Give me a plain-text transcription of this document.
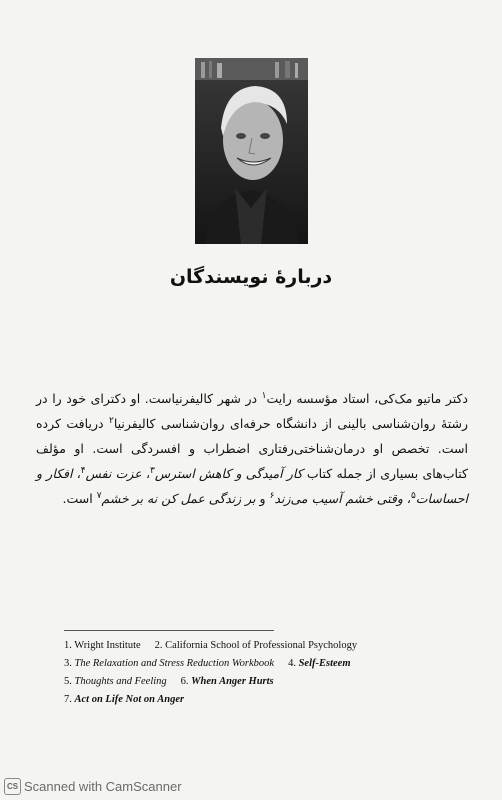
دربارهٔ نویسندگان
دکتر ماتیو مک‌کی، استاد مؤسسه رایت$^۱$ در شهر کالیفرنیاست. او دکترای خود را در رشتهٔ روان‌شناسی بالینی از دانشگاه حرفه‌ای روان‌شناسی کالیفرنیا$^۲$ دریافت کرده است. تخصص او درمان‌شناختی‌رفتاری اضطراب و افسردگی است. او مؤلف کتاب‌های بسیاری از جمله کتاب کار آمیدگی و کاهش استرس$^۳$، عزت نفس$^۴$، افکار و احساسات$^۵$، وقتی خشم آسیب می‌زند$^۶$ و بر زندگی عمل کن نه بر خشم$^۷$ است.
1. Wright Institute 2. California School of Professional Psychology
3. The Relaxation and Stress Reduction Workbook 4. Self-Esteem
5. Thoughts and Feeling 6. When Anger Hurts
7. Act on Life Not on Anger
CS Scanned with CamScanner
